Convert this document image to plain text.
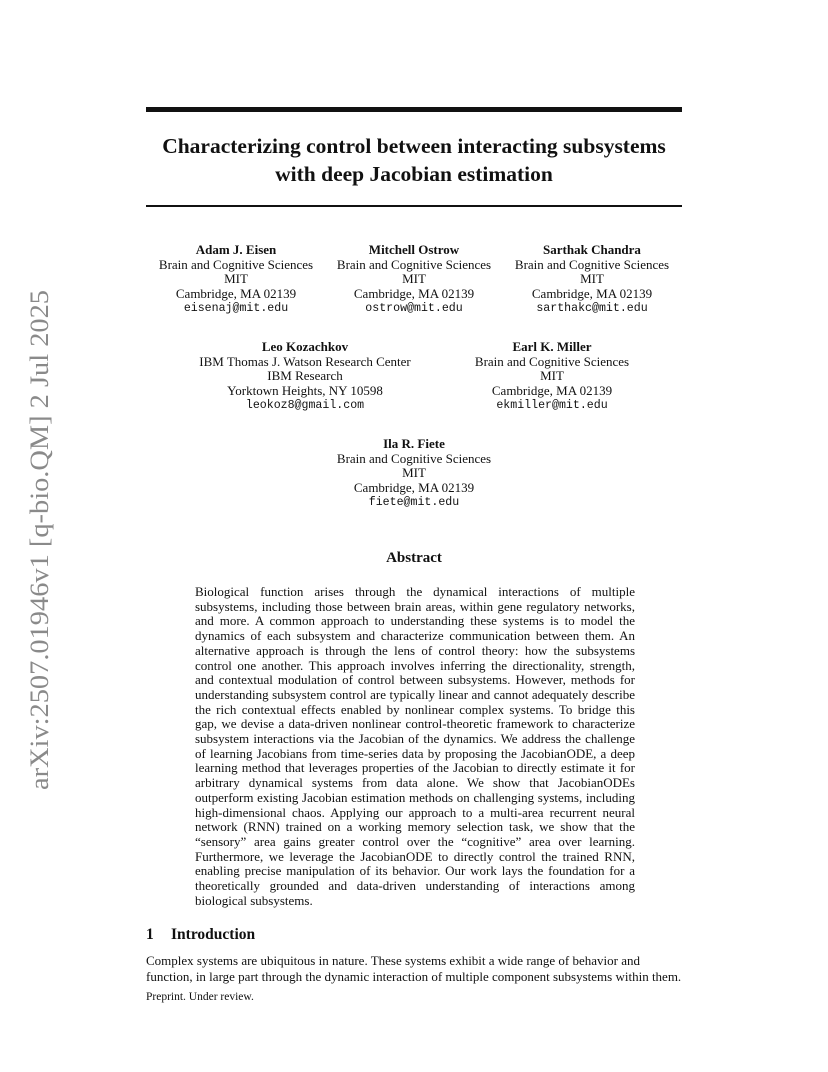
arXiv:2507.01946v1 [q-bio.QM] 2 Jul 2025
Characterizing control between interacting subsystems
with deep Jacobian estimation
Adam J. Eisen
Brain and Cognitive Sciences
MIT
Cambridge, MA 02139
eisenaj@mit.edu
Mitchell Ostrow
Brain and Cognitive Sciences
MIT
Cambridge, MA 02139
ostrow@mit.edu
Sarthak Chandra
Brain and Cognitive Sciences
MIT
Cambridge, MA 02139
sarthakc@mit.edu
Leo Kozachkov
IBM Thomas J. Watson Research Center
IBM Research
Yorktown Heights, NY 10598
leokoz8@gmail.com
Earl K. Miller
Brain and Cognitive Sciences
MIT
Cambridge, MA 02139
ekmiller@mit.edu
Ila R. Fiete
Brain and Cognitive Sciences
MIT
Cambridge, MA 02139
fiete@mit.edu
Abstract
Biological function arises through the dynamical interactions of multiple subsystems, including those between brain areas, within gene regulatory networks, and more. A common approach to understanding these systems is to model the dynamics of each subsystem and characterize communication between them. An alternative approach is through the lens of control theory: how the subsystems control one another. This approach involves inferring the directionality, strength, and contextual modulation of control between subsystems. However, methods for understanding subsystem control are typically linear and cannot adequately describe the rich contextual effects enabled by nonlinear complex systems. To bridge this gap, we devise a data-driven nonlinear control-theoretic framework to characterize subsystem interactions via the Jacobian of the dynamics. We address the challenge of learning Jacobians from time-series data by proposing the JacobianODE, a deep learning method that leverages properties of the Jacobian to directly estimate it for arbitrary dynamical systems from data alone. We show that JacobianODEs outperform existing Jacobian estimation methods on challenging systems, including high-dimensional chaos. Applying our approach to a multi-area recurrent neural network (RNN) trained on a working memory selection task, we show that the “sensory” area gains greater control over the “cognitive” area over learning. Furthermore, we leverage the JacobianODE to directly control the trained RNN, enabling precise manipulation of its behavior. Our work lays the foundation for a theoretically grounded and data-driven understanding of interactions among biological subsystems.
1 Introduction
Complex systems are ubiquitous in nature. These systems exhibit a wide range of behavior and
function, in large part through the dynamic interaction of multiple component subsystems within them.
Preprint. Under review.
